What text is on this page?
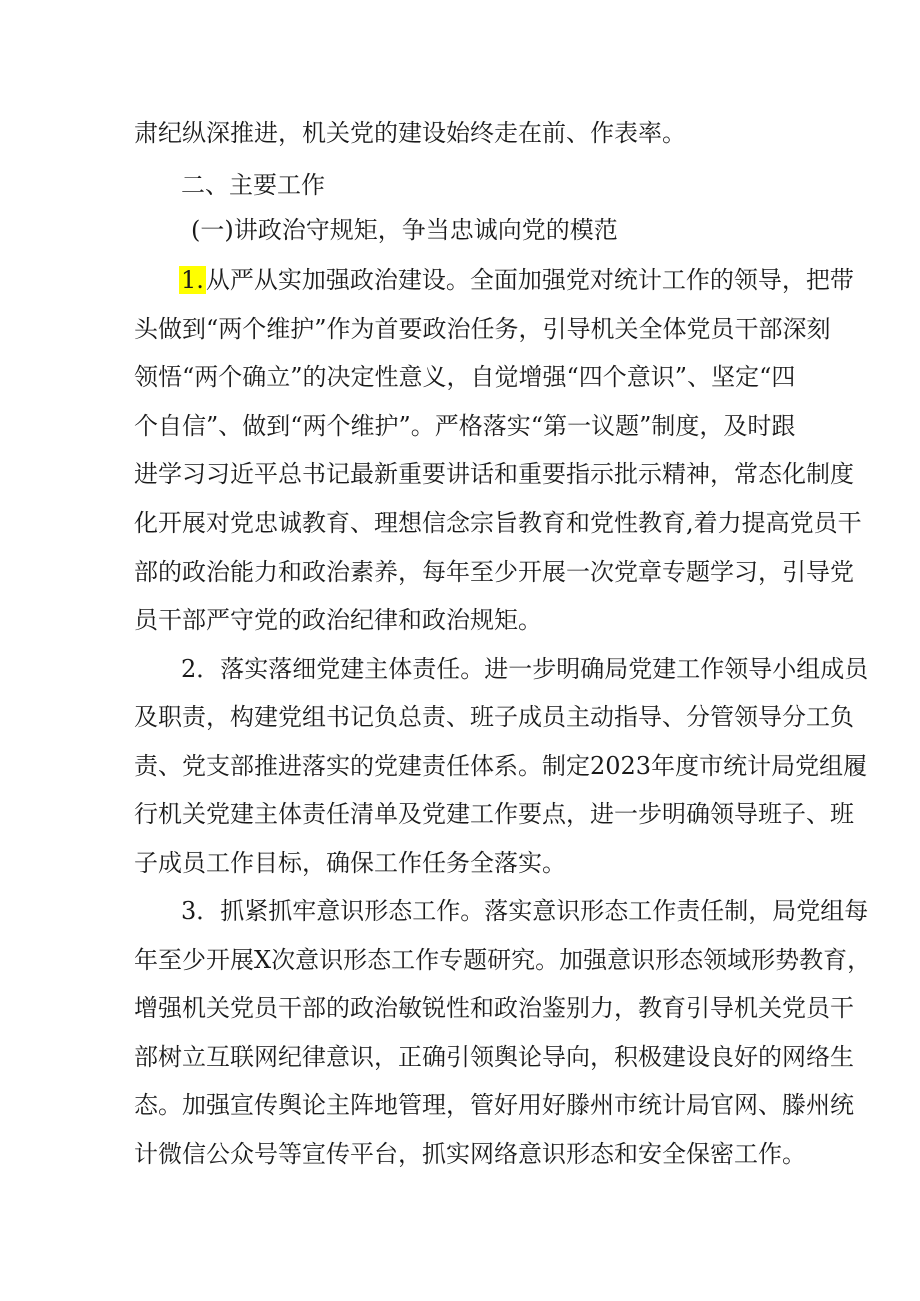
肃纪纵深推进，机关党的建设始终走在前、作表率。
二、主要工作
(一)讲政治守规矩，争当忠诚向党的模范
1.从严从实加强政治建设。全面加强党对统计工作的领导，把带
头做到“两个维护”作为首要政治任务，引导机关全体党员干部深刻
领悟“两个确立”的决定性意义，自觉增强“四个意识”、坚定“四
个自信”、做到“两个维护”。严格落实“第一议题”制度，及时跟
进学习习近平总书记最新重要讲话和重要指示批示精神，常态化制度
化开展对党忠诚教育、理想信念宗旨教育和党性教育,着力提高党员干
部的政治能力和政治素养，每年至少开展一次党章专题学习，引导党
员干部严守党的政治纪律和政治规矩。
2．落实落细党建主体责任。进一步明确局党建工作领导小组成员
及职责，构建党组书记负总责、班子成员主动指导、分管领导分工负
责、党支部推进落实的党建责任体系。制定2023年度市统计局党组履
行机关党建主体责任清单及党建工作要点，进一步明确领导班子、班
子成员工作目标，确保工作任务全落实。
3．抓紧抓牢意识形态工作。落实意识形态工作责任制，局党组每
年至少开展X次意识形态工作专题研究。加强意识形态领域形势教育，
增强机关党员干部的政治敏锐性和政治鉴别力，教育引导机关党员干
部树立互联网纪律意识，正确引领舆论导向，积极建设良好的网络生
态。加强宣传舆论主阵地管理，管好用好滕州市统计局官网、滕州统
计微信公众号等宣传平台，抓实网络意识形态和安全保密工作。
